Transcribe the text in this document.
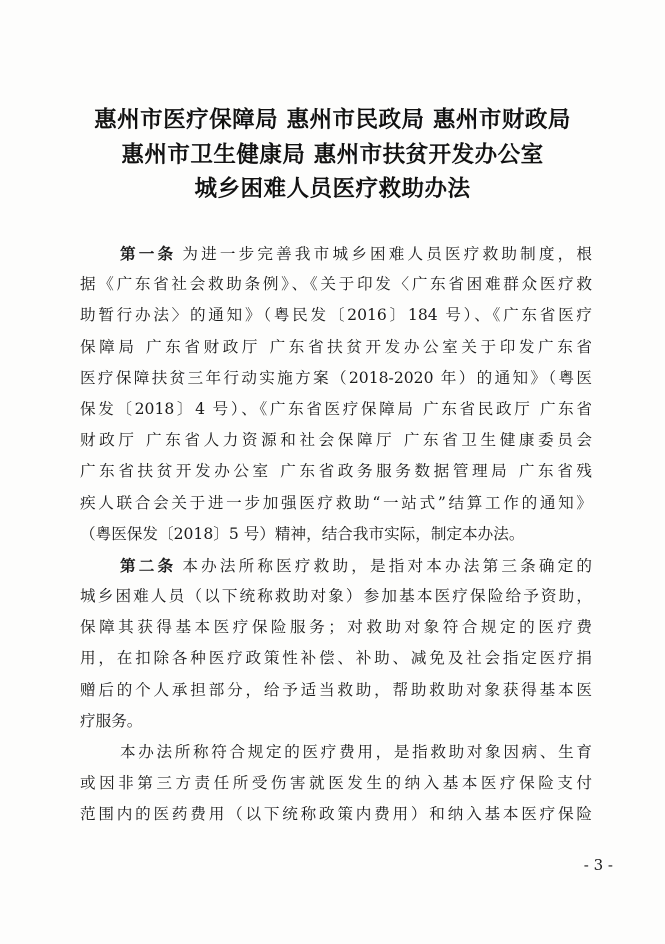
惠州市医疗保障局 惠州市民政局 惠州市财政局
惠州市卫生健康局 惠州市扶贫开发办公室
城乡困难人员医疗救助办法
第一条 为进一步完善我市城乡困难人员医疗救助制度，根
据《广东省社会救助条例》、《关于印发〈广东省困难群众医疗救
助暂行办法〉的通知》（粤民发〔2016〕184 号）、《广东省医疗
保障局 广东省财政厅 广东省扶贫开发办公室关于印发广东省
医疗保障扶贫三年行动实施方案（2018-2020 年）的通知》（粤医
保发〔2018〕4 号）、《广东省医疗保障局 广东省民政厅 广东省
财政厅 广东省人力资源和社会保障厅 广东省卫生健康委员会
广东省扶贫开发办公室 广东省政务服务数据管理局 广东省残
疾人联合会关于进一步加强医疗救助“一站式”结算工作的通知》
（粤医保发〔2018〕5 号）精神，结合我市实际，制定本办法。
第二条 本办法所称医疗救助，是指对本办法第三条确定的
城乡困难人员（以下统称救助对象）参加基本医疗保险给予资助，
保障其获得基本医疗保险服务；对救助对象符合规定的医疗费
用，在扣除各种医疗政策性补偿、补助、减免及社会指定医疗捐
赠后的个人承担部分，给予适当救助，帮助救助对象获得基本医
疗服务。
本办法所称符合规定的医疗费用，是指救助对象因病、生育
或因非第三方责任所受伤害就医发生的纳入基本医疗保险支付
范围内的医药费用（以下统称政策内费用）和纳入基本医疗保险
- 3 -
